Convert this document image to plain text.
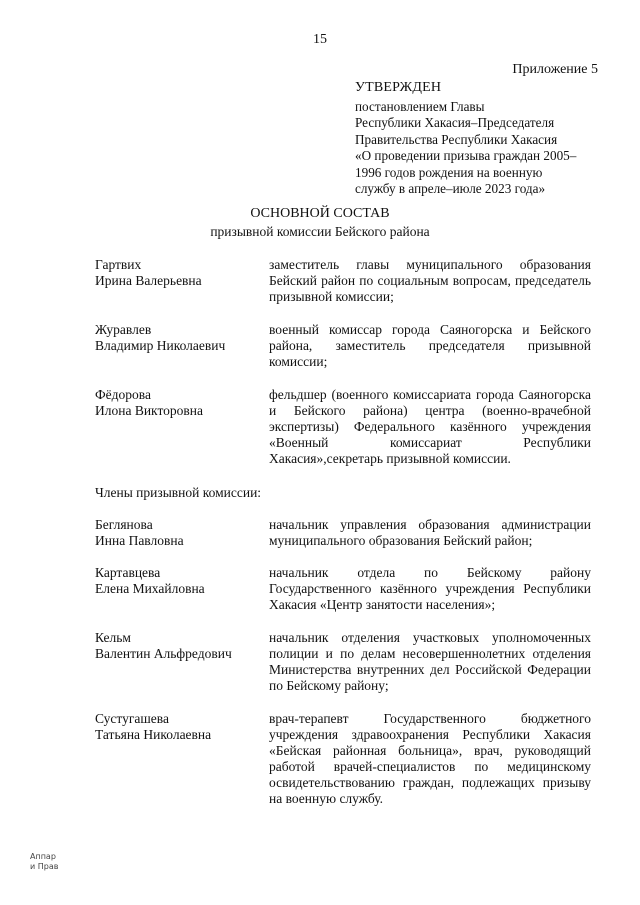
15
Приложение 5
УТВЕРЖДЕН
постановлением Главы
Республики Хакасия–Председателя
Правительства Республики Хакасия
«О проведении призыва граждан 2005–
1996 годов рождения на военную
службу в апреле–июле 2023 года»
ОСНОВНОЙ СОСТАВ
призывной комиссии Бейского района
Гартвих
Ирина Валерьевна
заместитель главы муниципального образования Бейский район по социальным вопросам, председатель призывной комиссии;
Журавлев
Владимир Николаевич
военный комиссар города Саяногорска и Бейского района, заместитель председателя призывной комиссии;
Фёдорова
Илона Викторовна
фельдшер (военного комиссариата города Саяногорска и Бейского района) центра (военно-врачебной экспертизы) Федерального казённого учреждения «Военный комиссариат Республики Хакасия»,секретарь призывной комиссии.
Члены призывной комиссии:
Беглянова
Инна Павловна
начальник управления образования администрации муниципального образования Бейский район;
Картавцева
Елена Михайловна
начальник отдела по Бейскому району Государственного казённого учреждения Республики Хакасия «Центр занятости населения»;
Кельм
Валентин Альфредович
начальник отделения участковых уполномоченных полиции и по делам несовершеннолетних отделения Министерства внутренних дел Российской Федерации по Бейскому району;
Сустугашева
Татьяна Николаевна
врач-терапевт Государственного бюджетного учреждения здравоохранения Республики Хакасия «Бейская районная больница», врач, руководящий работой врачей-специалистов по медицинскому освидетельствованию граждан, подлежащих призыву на военную службу.
Аппар
и Прав
